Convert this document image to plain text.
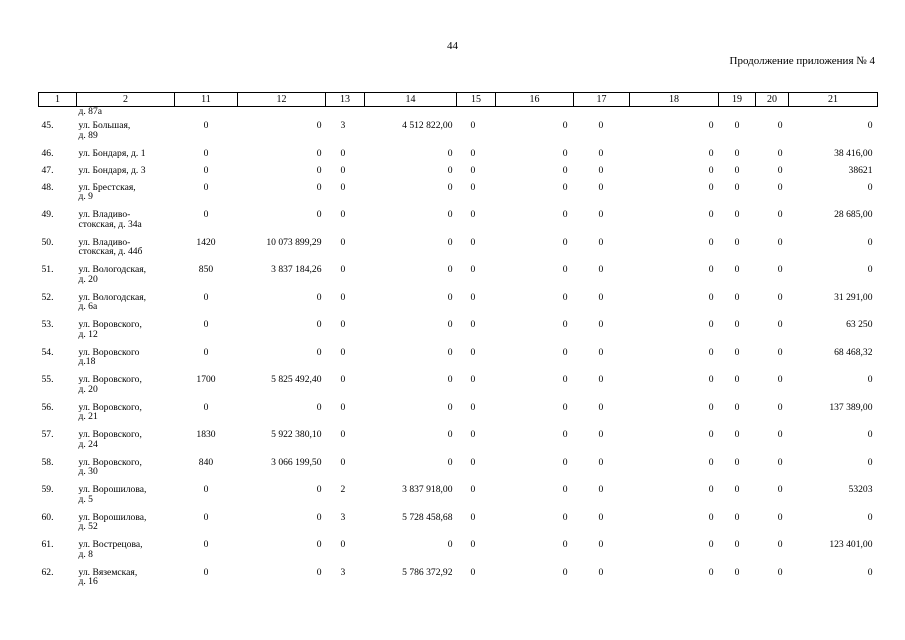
44
Продолжение приложения № 4
1	2	11	12	13	14	15	16	17	18	19	20	21
	д. 87а											
45.	ул. Большая,
д. 89	0	0	3	4 512 822,00	0	0	0	0	0	0	0
46.	ул. Бондаря, д. 1	0	0	0	0	0	0	0	0	0	0	38 416,00
47.	ул. Бондаря, д. 3	0	0	0	0	0	0	0	0	0	0	38621
48.	ул. Брестская,
д. 9	0	0	0	0	0	0	0	0	0	0	0
49.	ул. Владиво-
стокская, д. 34а	0	0	0	0	0	0	0	0	0	0	28 685,00
50.	ул. Владиво-
стокская, д. 44б	1420	10 073 899,29	0	0	0	0	0	0	0	0	0
51.	ул. Вологодская,
д. 20	850	3 837 184,26	0	0	0	0	0	0	0	0	0
52.	ул. Вологодская,
д. 6а	0	0	0	0	0	0	0	0	0	0	31 291,00
53.	ул. Воровского,
д. 12	0	0	0	0	0	0	0	0	0	0	63 250
54.	ул. Воровского
д.18	0	0	0	0	0	0	0	0	0	0	68 468,32
55.	ул. Воровского,
д. 20	1700	5 825 492,40	0	0	0	0	0	0	0	0	0
56.	ул. Воровского,
д. 21	0	0	0	0	0	0	0	0	0	0	137 389,00
57.	ул. Воровского,
д. 24	1830	5 922 380,10	0	0	0	0	0	0	0	0	0
58.	ул. Воровского,
д. 30	840	3 066 199,50	0	0	0	0	0	0	0	0	0
59.	ул. Ворошилова,
д. 5	0	0	2	3 837 918,00	0	0	0	0	0	0	53203
60.	ул. Ворошилова,
д. 52	0	0	3	5 728 458,68	0	0	0	0	0	0	0
61.	ул. Вострецова,
д. 8	0	0	0	0	0	0	0	0	0	0	123 401,00
62.	ул. Вяземская,
д. 16	0	0	3	5 786 372,92	0	0	0	0	0	0	0
